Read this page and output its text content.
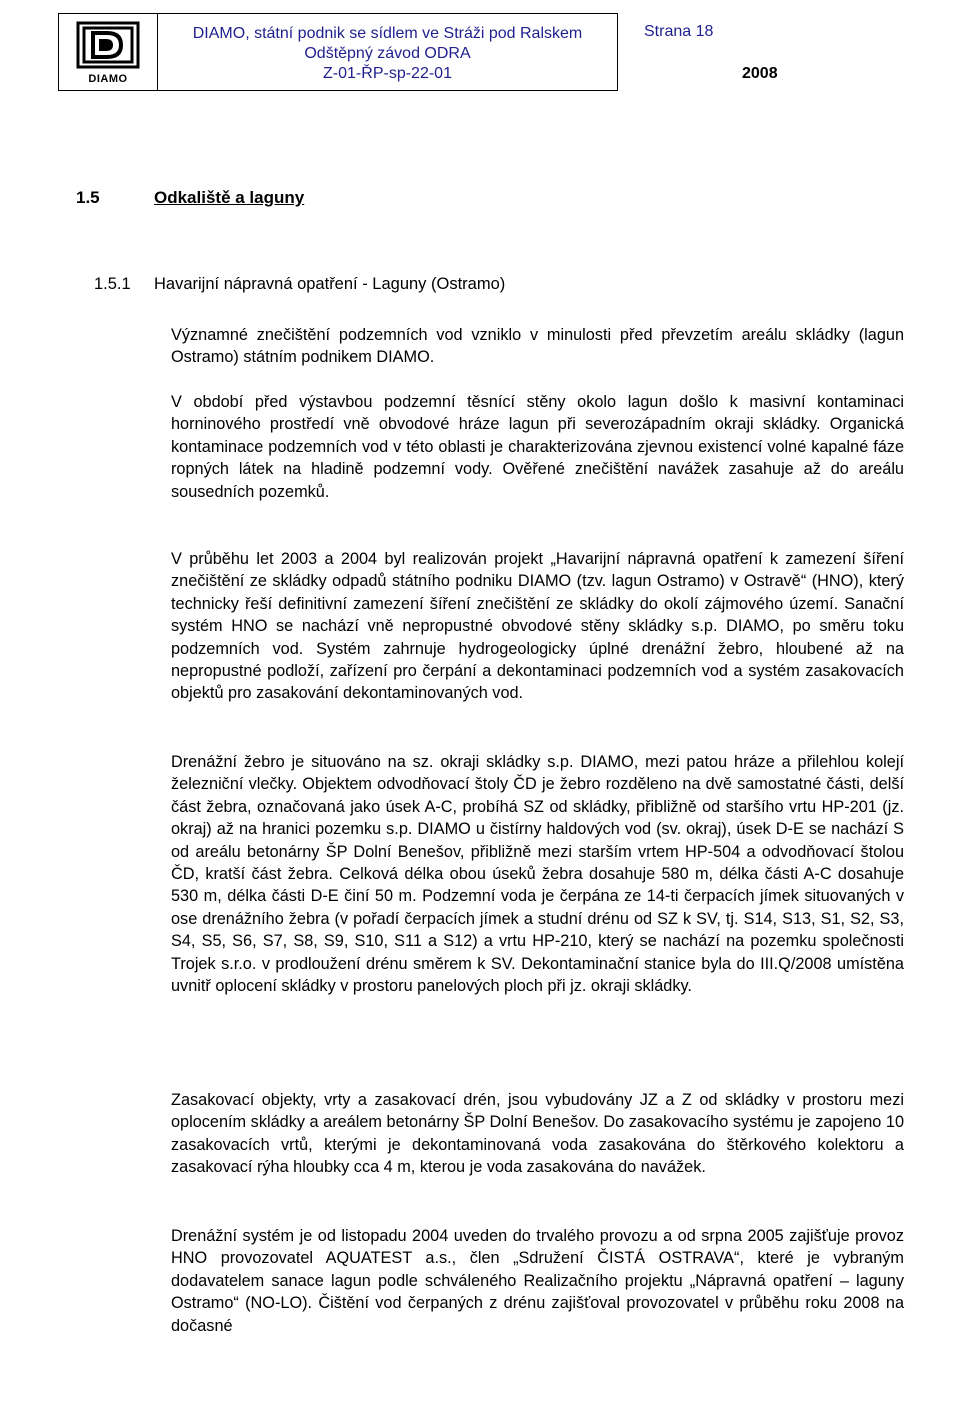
DIAMO
DIAMO, státní podnik se sídlem ve Stráži pod Ralskem
Odštěpný závod ODRA
Z-01-ŘP-sp-22-01
Strana 18
2008
1.5	Odkaliště a laguny
1.5.1 Havarijní nápravná opatření - Laguny (Ostramo)

Významné znečištění podzemních vod vzniklo v minulosti před převzetím areálu skládky (lagun Ostramo) státním podnikem DIAMO.

V období před výstavbou podzemní těsnící stěny okolo lagun došlo k masivní kontaminaci horninového prostředí vně obvodové hráze lagun při severozápadním okraji skládky. Organická kontaminace podzemních vod v této oblasti je charakterizována zjevnou existencí volné kapalné fáze ropných látek na hladině podzemní vody. Ověřené znečištění navážek zasahuje až do areálu sousedních pozemků.

V průběhu let 2003 a 2004 byl realizován projekt „Havarijní nápravná opatření k zamezení šíření znečištění ze skládky odpadů státního podniku DIAMO (tzv. lagun Ostramo) v Ostravě“ (HNO), který technicky řeší definitivní zamezení šíření znečištění ze skládky do okolí zájmového území. Sanační systém HNO se nachází vně nepropustné obvodové stěny skládky s.p. DIAMO, po směru toku podzemních vod. Systém zahrnuje hydrogeologicky úplné drenážní žebro, hloubené až na nepropustné podloží, zařízení pro čerpání a dekontaminaci podzemních vod a systém zasakovacích objektů pro zasakování dekontaminovaných vod.

Drenážní žebro je situováno na sz. okraji skládky s.p. DIAMO, mezi patou hráze a přilehlou kolejí železniční vlečky. Objektem odvodňovací štoly ČD je žebro rozděleno na dvě samostatné části, delší část žebra, označovaná jako úsek A-C, probíhá SZ od skládky, přibližně od staršího vrtu HP-201 (jz. okraj) až na hranici pozemku s.p. DIAMO u čistírny haldových vod (sv. okraj), úsek D-E se nachází S od areálu betonárny ŠP Dolní Benešov, přibližně mezi starším vrtem HP-504 a odvodňovací štolou ČD, kratší část žebra. Celková délka obou úseků žebra dosahuje 580 m, délka části A-C dosahuje 530 m, délka části D-E činí 50 m. Podzemní voda je čerpána ze 14-ti čerpacích jímek situovaných v ose drenážního žebra (v pořadí čerpacích jímek a studní drénu od SZ k SV, tj. S14, S13, S1, S2, S3, S4, S5, S6, S7, S8, S9, S10, S11 a S12) a vrtu HP-210, který se nachází na pozemku společnosti Trojek s.r.o. v prodloužení drénu směrem k SV. Dekontaminační stanice byla do III.Q/2008 umístěna uvnitř oplocení skládky v prostoru panelových ploch při jz. okraji skládky.

Zasakovací objekty, vrty a zasakovací drén, jsou vybudovány JZ a Z od skládky v prostoru mezi oplocením skládky a areálem betonárny ŠP Dolní Benešov. Do zasakovacího systému je zapojeno 10 zasakovacích vrtů, kterými je dekontaminovaná voda zasakována do štěrkového kolektoru a zasakovací rýha hloubky cca 4 m, kterou je voda zasakována do navážek.

Drenážní systém je od listopadu 2004 uveden do trvalého provozu a od srpna 2005 zajišťuje provoz HNO provozovatel AQUATEST a.s., člen „Sdružení ČISTÁ OSTRAVA“, které je vybraným dodavatelem sanace lagun podle schváleného Realizačního projektu „Nápravná opatření – laguny Ostramo“ (NO-LO). Čištění vod čerpaných z drénu zajišťoval provozovatel v průběhu roku 2008 na dočasné
